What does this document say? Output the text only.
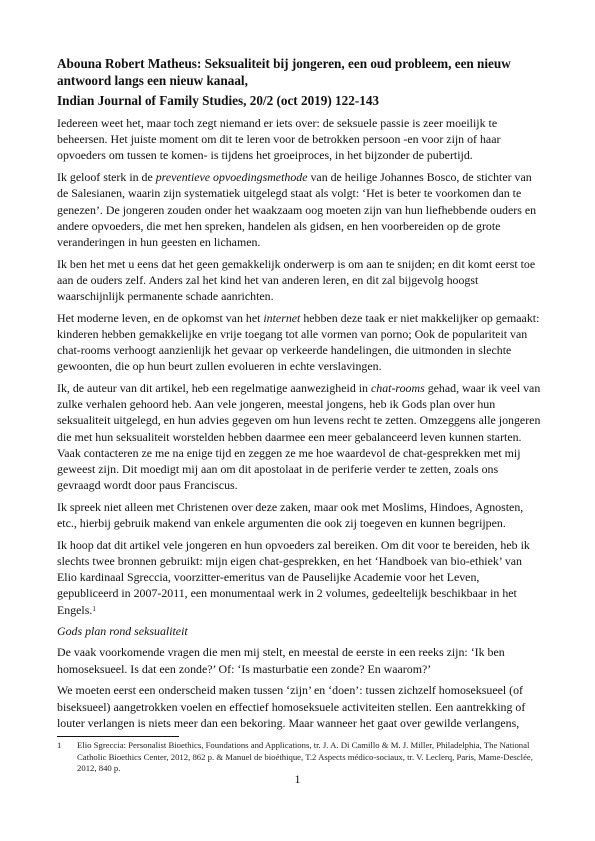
Abouna Robert Matheus: Seksualiteit bij jongeren, een oud probleem, een nieuw antwoord langs een nieuw kanaal,
Indian Journal of Family Studies, 20/2 (oct 2019) 122-143

Iedereen weet het, maar toch zegt niemand er iets over: de seksuele passie is zeer moeilijk te beheersen. Het juiste moment om dit te leren voor de betrokken persoon -en voor zijn of haar opvoeders om tussen te komen- is tijdens het groeiproces, in het bijzonder de pubertijd.

Ik geloof sterk in de preventieve opvoedingsmethode van de heilige Johannes Bosco, de stichter van de Salesianen, waarin zijn systematiek uitgelegd staat als volgt: ‘Het is beter te voorkomen dan te genezen’. De jongeren zouden onder het waakzaam oog moeten zijn van hun liefhebbende ouders en andere opvoeders, die met hen spreken, handelen als gidsen, en hen voorbereiden op de grote veranderingen in hun geesten en lichamen.

Ik ben het met u eens dat het geen gemakkelijk onderwerp is om aan te snijden; en dit komt eerst toe aan de ouders zelf. Anders zal het kind het van anderen leren, en dit zal bijgevolg hoogst waarschijnlijk permanente schade aanrichten.

Het moderne leven, en de opkomst van het internet hebben deze taak er niet makkelijker op gemaakt: kinderen hebben gemakkelijke en vrije toegang tot alle vormen van porno; Ook de populariteit van chat-rooms verhoogt aanzienlijk het gevaar op verkeerde handelingen, die uitmonden in slechte gewoonten, die op hun beurt zullen evolueren in echte verslavingen.

Ik, de auteur van dit artikel, heb een regelmatige aanwezigheid in chat-rooms gehad, waar ik veel van zulke verhalen gehoord heb. Aan vele jongeren, meestal jongens, heb ik Gods plan over hun seksualiteit uitgelegd, en hun advies gegeven om hun levens recht te zetten. Omzeggens alle jongeren die met hun seksualiteit worstelden hebben daarmee een meer gebalanceerd leven kunnen starten. Vaak contacteren ze me na enige tijd en zeggen ze me hoe waardevol de chat-gesprekken met mij geweest zijn. Dit moedigt mij aan om dit apostolaat in de periferie verder te zetten, zoals ons gevraagd wordt door paus Franciscus.

Ik spreek niet alleen met Christenen over deze zaken, maar ook met Moslims, Hindoes, Agnosten, etc., hierbij gebruik makend van enkele argumenten die ook zij toegeven en kunnen begrijpen.

Ik hoop dat dit artikel vele jongeren en hun opvoeders zal bereiken. Om dit voor te bereiden, heb ik slechts twee bronnen gebruikt: mijn eigen chat-gesprekken, en het ‘Handboek van bio-ethiek’ van Elio kardinaal Sgreccia, voorzitter-emeritus van de Pauselijke Academie voor het Leven, gepubliceerd in 2007-2011, een monumentaal werk in 2 volumes, gedeeltelijk beschikbaar in het Engels.$^1$

Gods plan rond seksualiteit

De vaak voorkomende vragen die men mij stelt, en meestal de eerste in een reeks zijn: ‘Ik ben homoseksueel. Is dat een zonde?’ Of: ‘Is masturbatie een zonde? En waarom?’

We moeten eerst een onderscheid maken tussen ‘zijn’ en ‘doen’: tussen zichzelf homoseksueel (of biseksueel) aangetrokken voelen en effectief homoseksuele activiteiten stellen. Een aantrekking of louter verlangen is niets meer dan een bekoring. Maar wanneer het gaat over gewilde verlangens,

1	Elio Sgreccia: Personalist Bioethics, Foundations and Applications, tr. J. A. Di Camillo & M. J. Miller, Philadelphia, The National Catholic Bioethics Center, 2012, 862 p. & Manuel de bioéthique, T.2 Aspects médico-sociaux, tr. V. Leclerq, Paris, Mame-Desclée, 2012, 840 p.
1
